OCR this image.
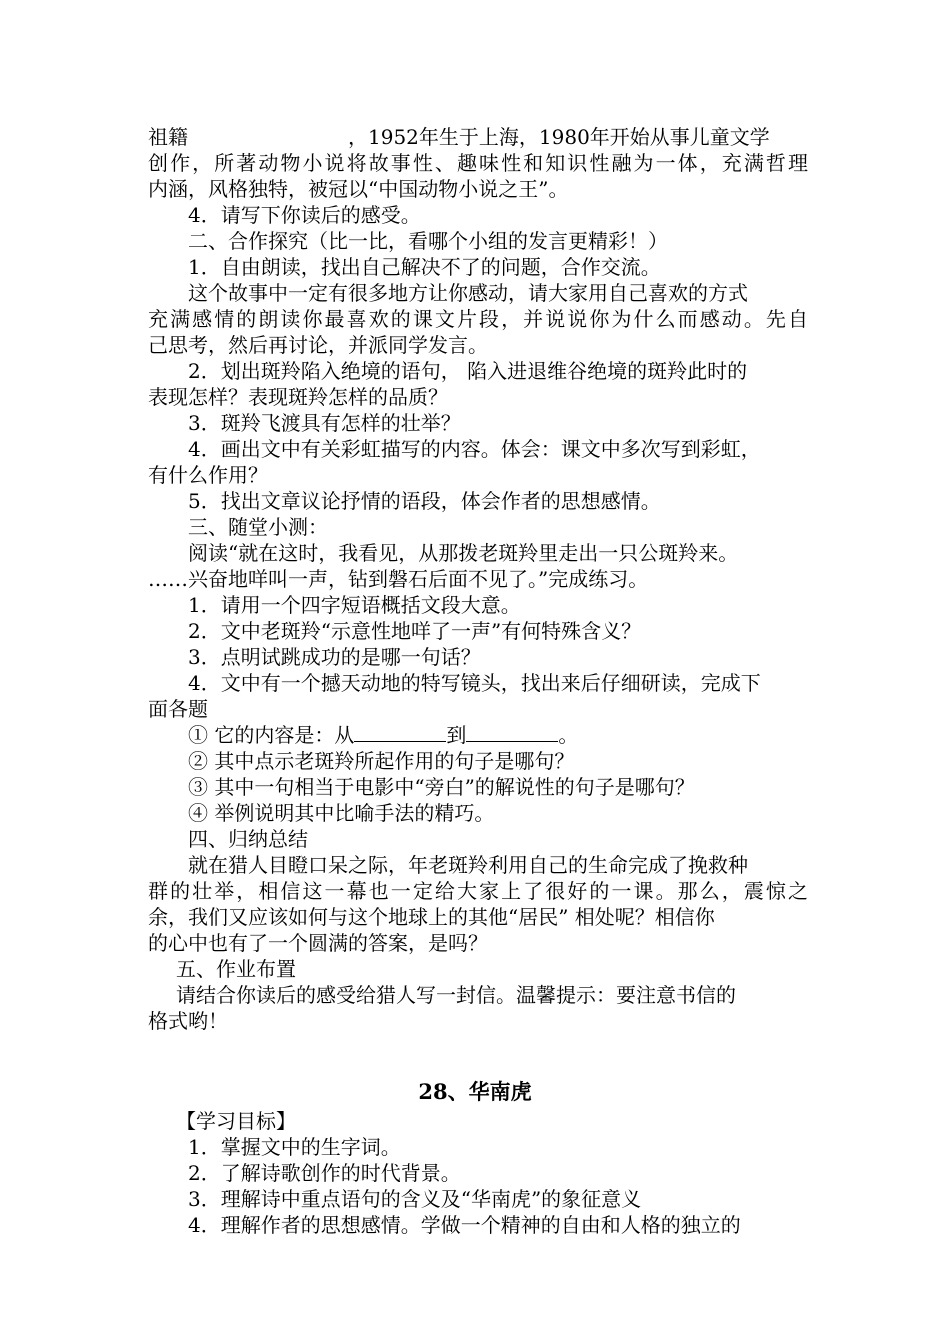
祖籍	，1952年生于上海，1980年开始从事儿童文学
创作，所著动物小说将故事性、趣味性和知识性融为一体，充满哲理
内涵，风格独特，被冠以“中国动物小说之王”。
4．请写下你读后的感受。
二、合作探究（比一比，看哪个小组的发言更精彩！）
1．自由朗读，找出自己解决不了的问题，合作交流。
这个故事中一定有很多地方让你感动，请大家用自己喜欢的方式
充满感情的朗读你最喜欢的课文片段，并说说你为什么而感动。先自
己思考，然后再讨论，并派同学发言。
2．划出斑羚陷入绝境的语句， 陷入进退维谷绝境的斑羚此时的
表现怎样？表现斑羚怎样的品质？
3．斑羚飞渡具有怎样的壮举？
4．画出文中有关彩虹描写的内容。体会：课文中多次写到彩虹，
有什么作用？
5．找出文章议论抒情的语段，体会作者的思想感情。
三、随堂小测：
阅读“就在这时，我看见，从那拨老斑羚里走出一只公斑羚来。
……兴奋地咩叫一声，钻到磐石后面不见了。”完成练习。
1．请用一个四字短语概括文段大意。
2．文中老斑羚“示意性地咩了一声”有何特殊含义？
3．点明试跳成功的是哪一句话？
4．文中有一个撼天动地的特写镜头，找出来后仔细研读，完成下
面各题
① 它的内容是：从	到	。
② 其中点示老斑羚所起作用的句子是哪句？
③ 其中一句相当于电影中“旁白”的解说性的句子是哪句？
④ 举例说明其中比喻手法的精巧。
四、归纳总结
就在猎人目瞪口呆之际，年老斑羚利用自己的生命完成了挽救种
群的壮举，相信这一幕也一定给大家上了很好的一课。那么，震惊之
余，我们又应该如何与这个地球上的其他“居民” 相处呢？相信你
的心中也有了一个圆满的答案，是吗？
五、作业布置
请结合你读后的感受给猎人写一封信。温馨提示：要注意书信的
格式哟！
28、华南虎
【学习目标】
1．掌握文中的生字词。
2．了解诗歌创作的时代背景。
3．理解诗中重点语句的含义及“华南虎”的象征意义
4．理解作者的思想感情。学做一个精神的自由和人格的独立的
